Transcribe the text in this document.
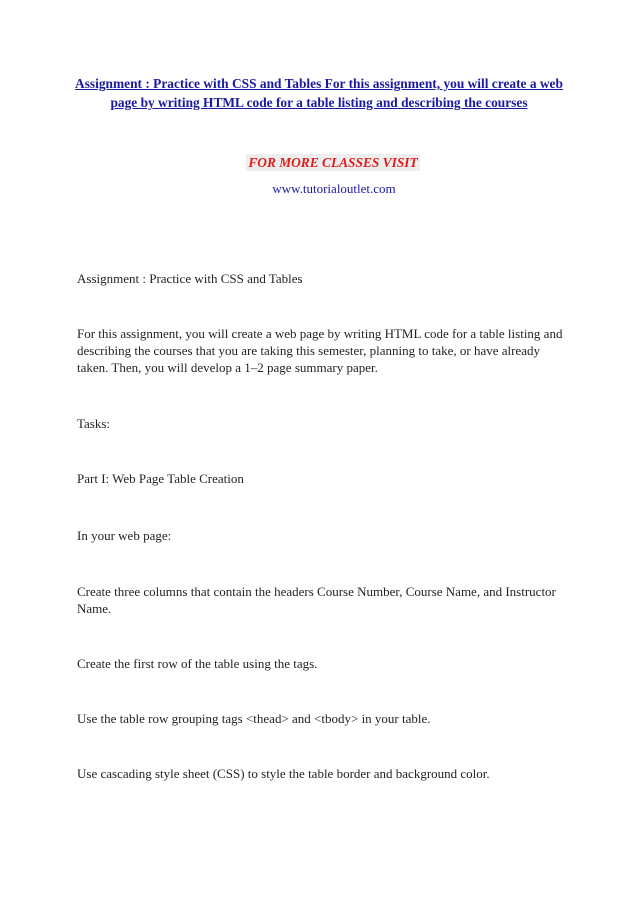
Assignment : Practice with CSS and Tables For this assignment, you will create a web page by writing HTML code for a table listing and describing the courses
FOR MORE CLASSES VISIT
www.tutorialoutlet.com

Assignment : Practice with CSS and Tables

For this assignment, you will create a web page by writing HTML code for a table listing and describing the courses that you are taking this semester, planning to take, or have already taken. Then, you will develop a 1–2 page summary paper.

Tasks:

Part I: Web Page Table Creation

In your web page:

Create three columns that contain the headers Course Number, Course Name, and Instructor Name.

Create the first row of the table using the tags.

Use the table row grouping tags <thead> and <tbody> in your table.

Use cascading style sheet (CSS) to style the table border and background color.
